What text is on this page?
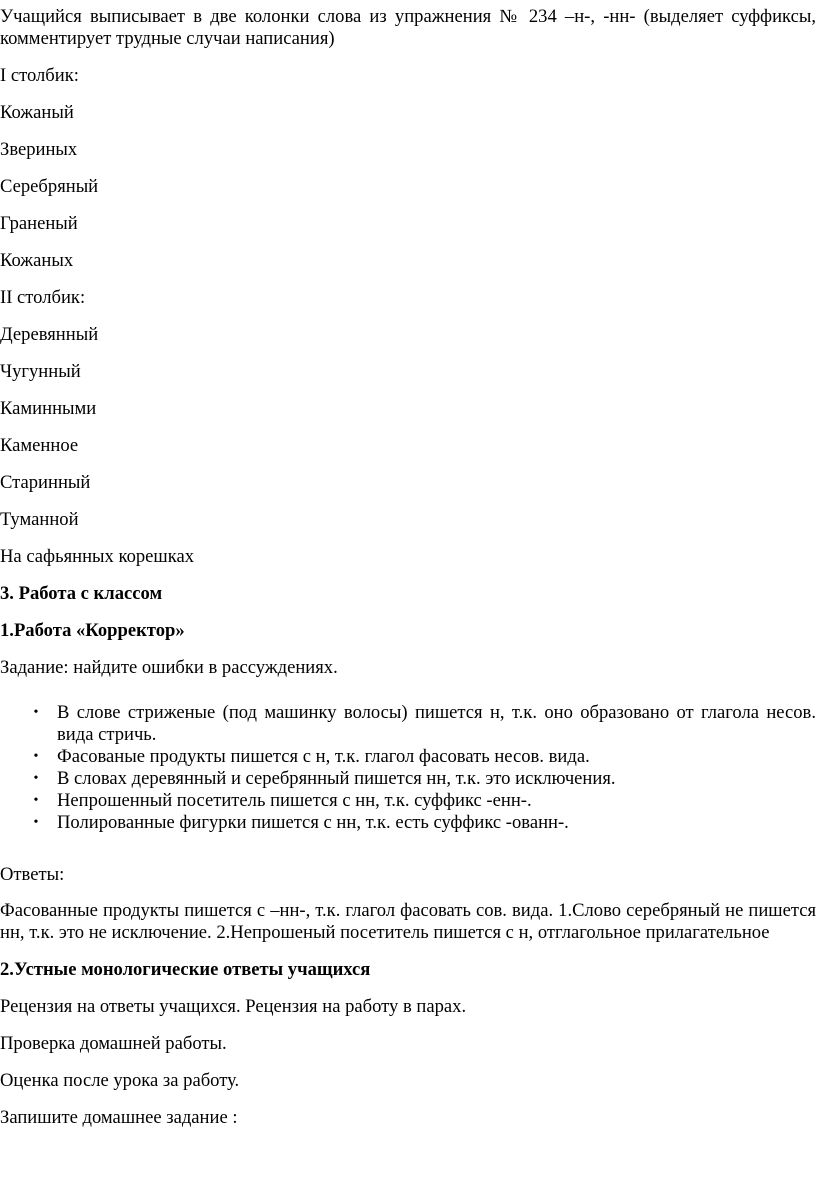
Учащийся выписывает в две колонки слова из упражнения № 234 –н-, -нн- (выделяет суффиксы, комментирует трудные случаи написания)

I столбик:

Кожаный

Звериных

Серебряный

Граненый

Кожаных

II столбик:

Деревянный

Чугунный

Каминными

Каменное

Старинный

Туманной

На сафьянных корешках

3. Работа с классом

1.Работа «Корректор»

Задание: найдите ошибки в рассуждениях.

• В слове стриженые (под машинку волосы) пишется н, т.к. оно образовано от глагола несов. вида стричь.
• Фасованые продукты пишется с н, т.к. глагол фасовать несов. вида.
• В словах деревянный и серебрянный пишется нн, т.к. это исключения.
• Непрошенный посетитель пишется с нн, т.к. суффикс -енн-.
• Полированные фигурки пишется с нн, т.к. есть суффикс -ованн-.

Ответы:

Фасованные продукты пишется с –нн-, т.к. глагол фасовать сов. вида. 1.Слово серебряный не пишется нн, т.к. это не исключение. 2.Непрошеный посетитель пишется с н, отглагольное прилагательное

2.Устные монологические ответы учащихся

Рецензия на ответы учащихся. Рецензия на работу в парах.

Проверка домашней работы.

Оценка после урока за работу.

Запишите домашнее задание :
